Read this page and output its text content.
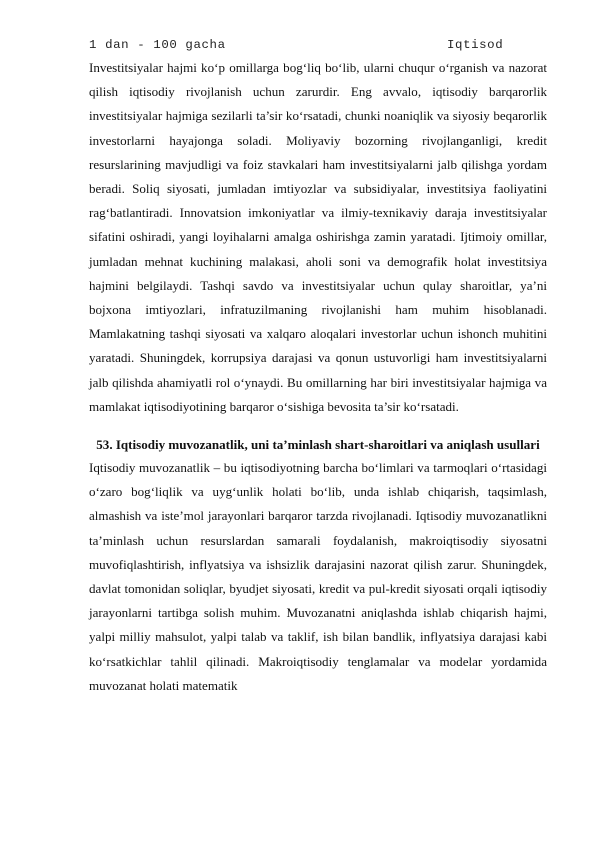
1 dan - 100 gacha	Iqtisod

Investitsiyalar hajmi ko‘p omillarga bog‘liq bo‘lib, ularni chuqur o‘rganish va nazorat qilish iqtisodiy rivojlanish uchun zarurdir. Eng avvalo, iqtisodiy barqarorlik investitsiyalar hajmiga sezilarli ta’sir ko‘rsatadi, chunki noaniqlik va siyosiy beqarorlik investorlarni hayajonga soladi. Moliyaviy bozorning rivojlanganligi, kredit resurslarining mavjudligi va foiz stavkalari ham investitsiyalarni jalb qilishga yordam beradi. Soliq siyosati, jumladan imtiyozlar va subsidiyalar, investitsiya faoliyatini rag‘batlantiradi. Innovatsion imkoniyatlar va ilmiy-texnikaviy daraja investitsiyalar sifatini oshiradi, yangi loyihalarni amalga oshirishga zamin yaratadi. Ijtimoiy omillar, jumladan mehnat kuchining malakasi, aholi soni va demografik holat investitsiya hajmini belgilaydi. Tashqi savdo va investitsiyalar uchun qulay sharoitlar, ya’ni bojxona imtiyozlari, infratuzilmaning rivojlanishi ham muhim hisoblanadi. Mamlakatning tashqi siyosati va xalqaro aloqalari investorlar uchun ishonch muhitini yaratadi. Shuningdek, korrupsiya darajasi va qonun ustuvorligi ham investitsiyalarni jalb qilishda ahamiyatli rol o‘ynaydi. Bu omillarning har biri investitsiyalar hajmiga va mamlakat iqtisodiyotining barqaror o‘sishiga bevosita ta’sir ko‘rsatadi.

53. Iqtisodiy muvozanatlik, uni ta’minlash shart-sharoitlari va aniqlash usullari

Iqtisodiy muvozanatlik – bu iqtisodiyotning barcha bo‘limlari va tarmoqlari o‘rtasidagi o‘zaro bog‘liqlik va uyg‘unlik holati bo‘lib, unda ishlab chiqarish, taqsimlash, almashish va iste’mol jarayonlari barqaror tarzda rivojlanadi. Iqtisodiy muvozanatlikni ta’minlash uchun resurslardan samarali foydalanish, makroiqtisodiy siyosatni muvofiqlashtirish, inflyatsiya va ishsizlik darajasini nazorat qilish zarur. Shuningdek, davlat tomonidan soliqlar, byudjet siyosati, kredit va pul-kredit siyosati orqali iqtisodiy jarayonlarni tartibga solish muhim. Muvozanatni aniqlashda ishlab chiqarish hajmi, yalpi milliy mahsulot, yalpi talab va taklif, ish bilan bandlik, inflyatsiya darajasi kabi ko‘rsatkichlar tahlil qilinadi. Makroiqtisodiy tenglamalar va modelar yordamida muvozanat holati matematik
